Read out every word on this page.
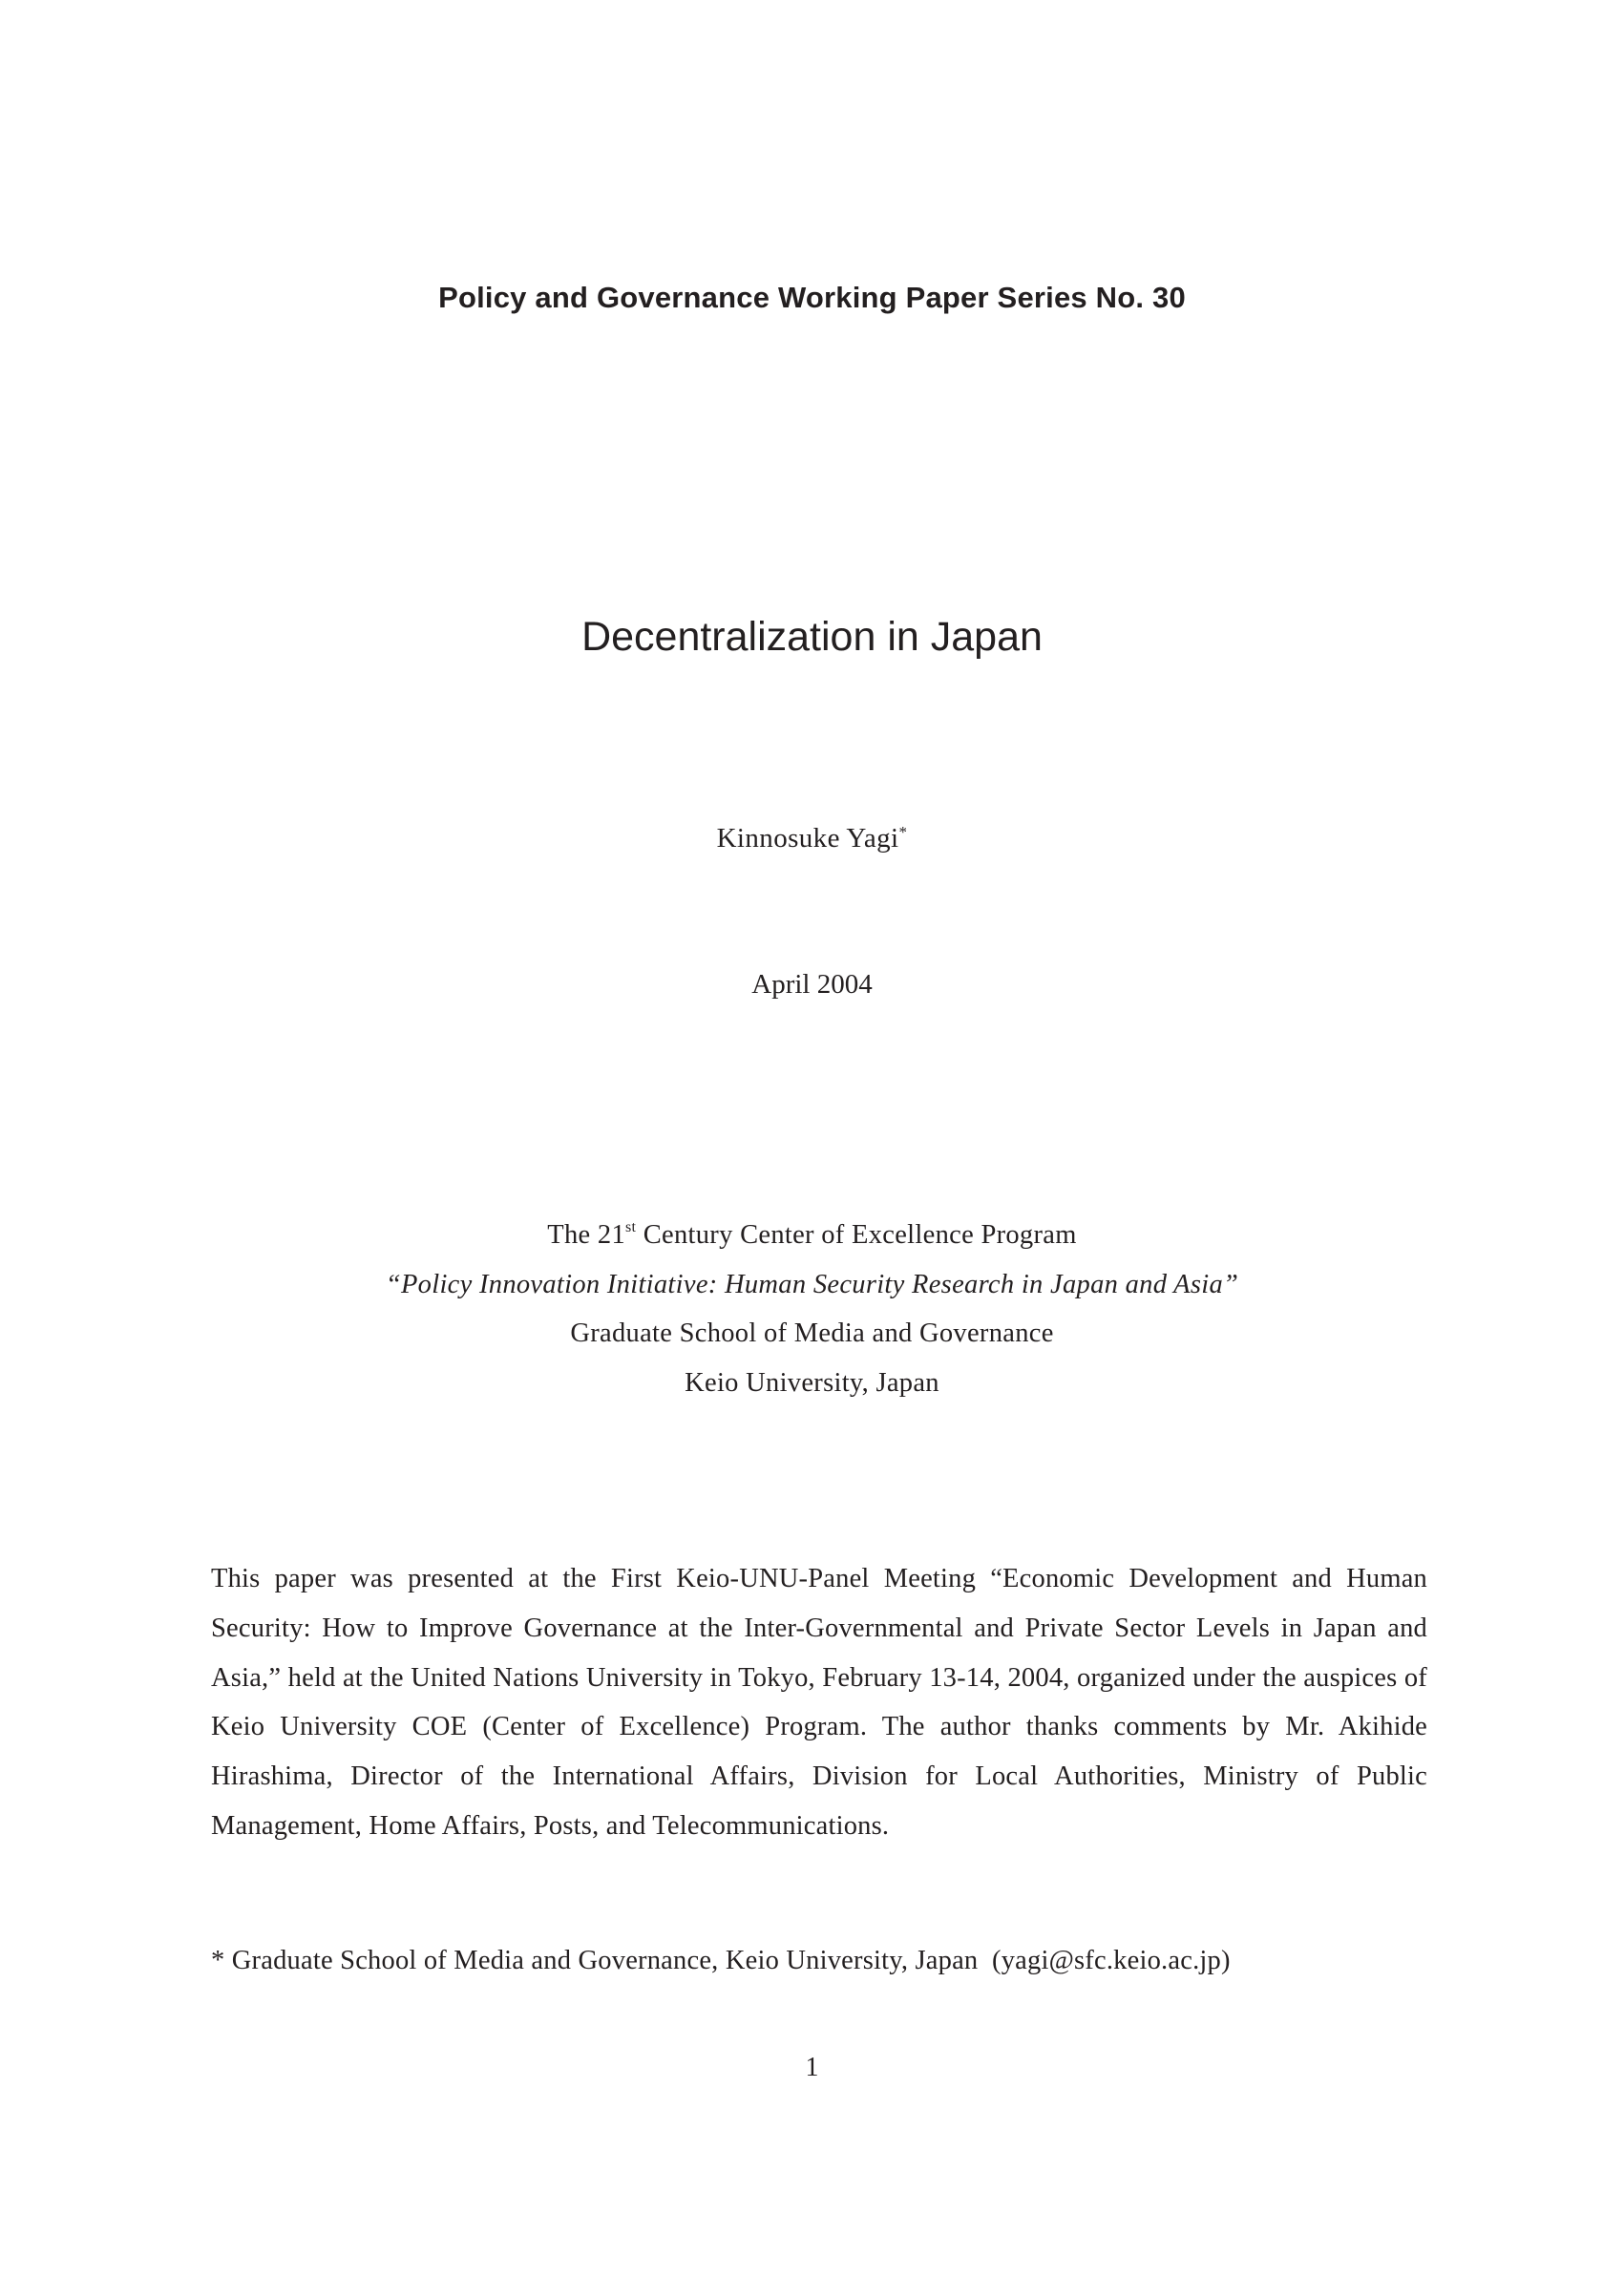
Policy and Governance Working Paper Series No. 30
Decentralization in Japan
Kinnosuke Yagi*
April 2004
The 21st Century Center of Excellence Program
“Policy Innovation Initiative: Human Security Research in Japan and Asia”
Graduate School of Media and Governance
Keio University, Japan
This paper was presented at the First Keio-UNU-Panel Meeting “Economic Development and Human Security: How to Improve Governance at the Inter-Governmental and Private Sector Levels in Japan and Asia,” held at the United Nations University in Tokyo, February 13-14, 2004, organized under the auspices of Keio University COE (Center of Excellence) Program. The author thanks comments by Mr. Akihide Hirashima, Director of the International Affairs, Division for Local Authorities, Ministry of Public Management, Home Affairs, Posts, and Telecommunications.
* Graduate School of Media and Governance, Keio University, Japan  (yagi@sfc.keio.ac.jp)
1
